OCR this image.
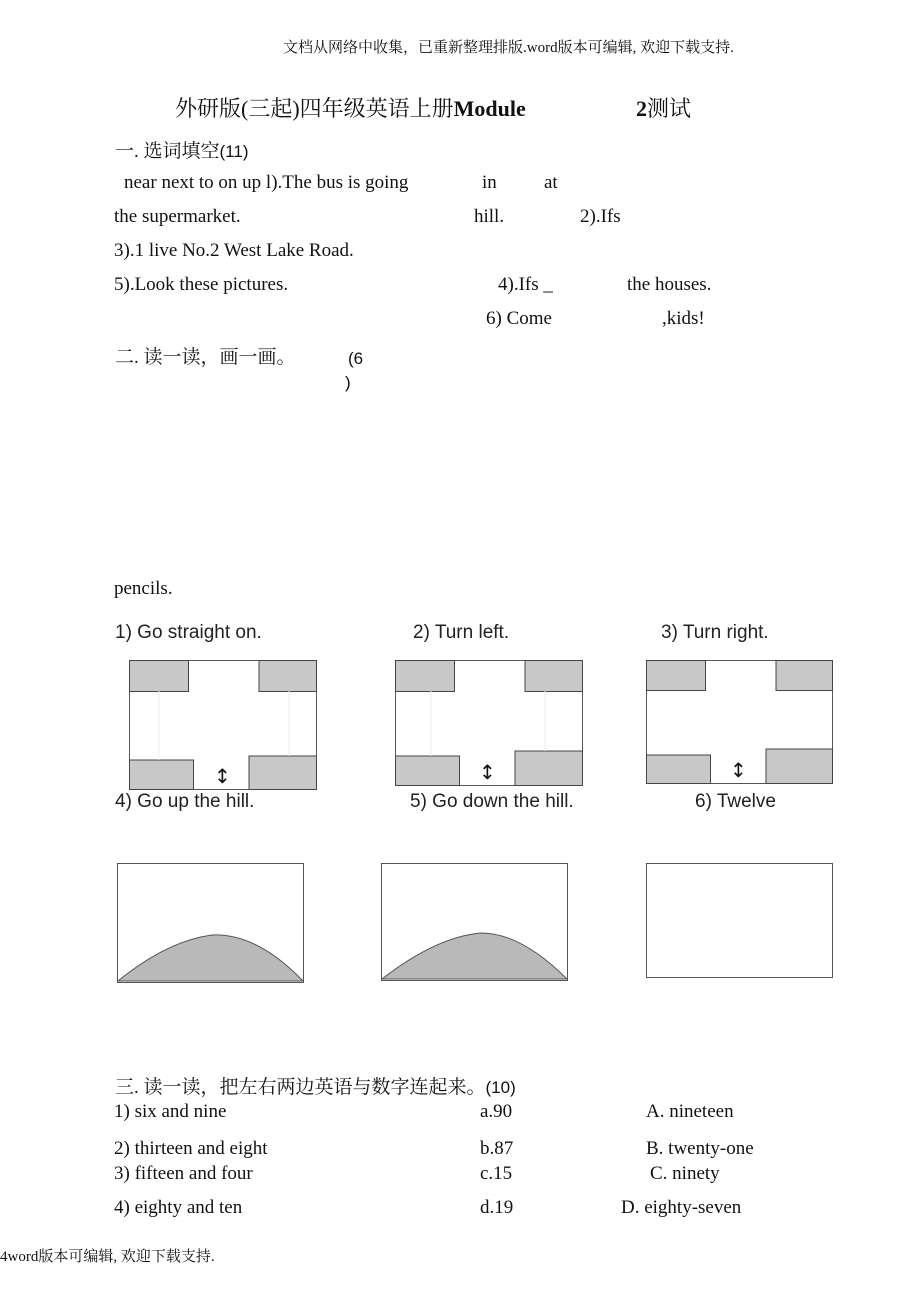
文档从网络中收集，已重新整理排版.word版本可编辑, 欢迎下载支持.
外研版(三起)四年级英语上册Module	2测试
一. 选词填空(11)
near next to on up l).The bus is going	in at
the supermarket.	hill.	2).Ifs
3).1 live No.2 West Lake Road.
5).Look these pictures.	4).Ifs _	the houses.
6) Come	,kids!
二. 读一读，画一画。	(6
)
pencils.
1) Go straight on.	2) Turn left.	3) Turn right.
↕	↕	↕
4) Go up the hill.	5) Go down the hill.	6) Twelve
三. 读一读，把左右两边英语与数字连起来。(10)
1) six and nine	a.90	A. nineteen
2) thirteen and eight	b.87	B. twenty-one
3) fifteen and four	c.15	C. ninety
4) eighty and ten	d.19	D. eighty-seven
4word版本可编辑, 欢迎下载支持.
